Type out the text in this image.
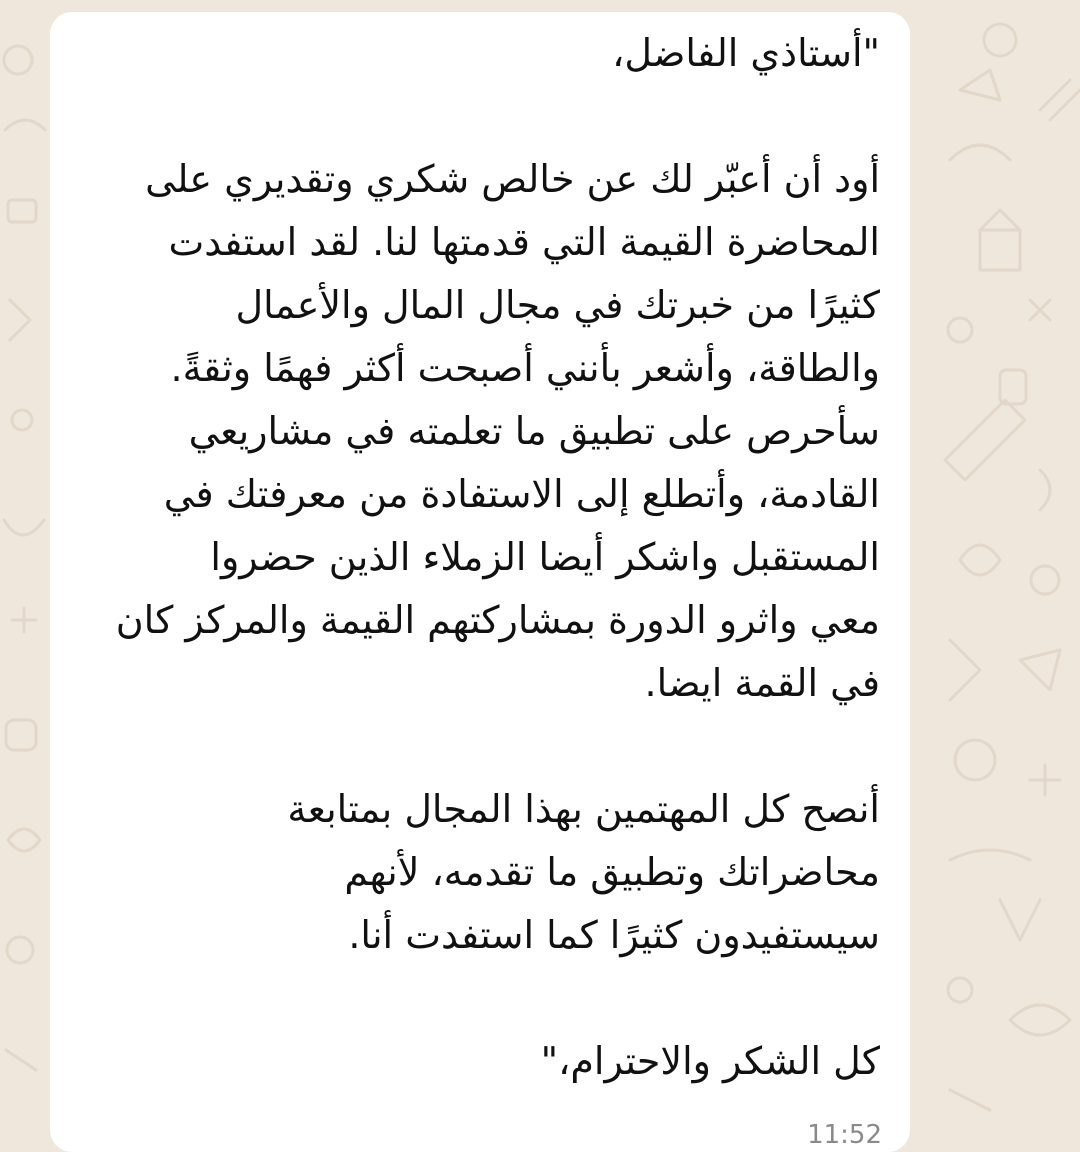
"أستاذي الفاضل،

أود أن أعبّر لك عن خالص شكري وتقديري على

المحاضرة القيمة التي قدمتها لنا. لقد استفدت

كثيرًا من خبرتك في مجال المال والأعمال

والطاقة، وأشعر بأنني أصبحت أكثر فهمًا وثقةً.

سأحرص على تطبيق ما تعلمته في مشاريعي

القادمة، وأتطلع إلى الاستفادة من معرفتك في

المستقبل واشكر أيضا الزملاء الذين حضروا

معي واثرو الدورة بمشاركتهم القيمة والمركز كان

في القمة ايضا.

أنصح كل المهتمين بهذا المجال بمتابعة

محاضراتك وتطبيق ما تقدمه، لأنهم

سيستفيدون كثيرًا كما استفدت أنا.

كل الشكر والاحترام،"

11:52
